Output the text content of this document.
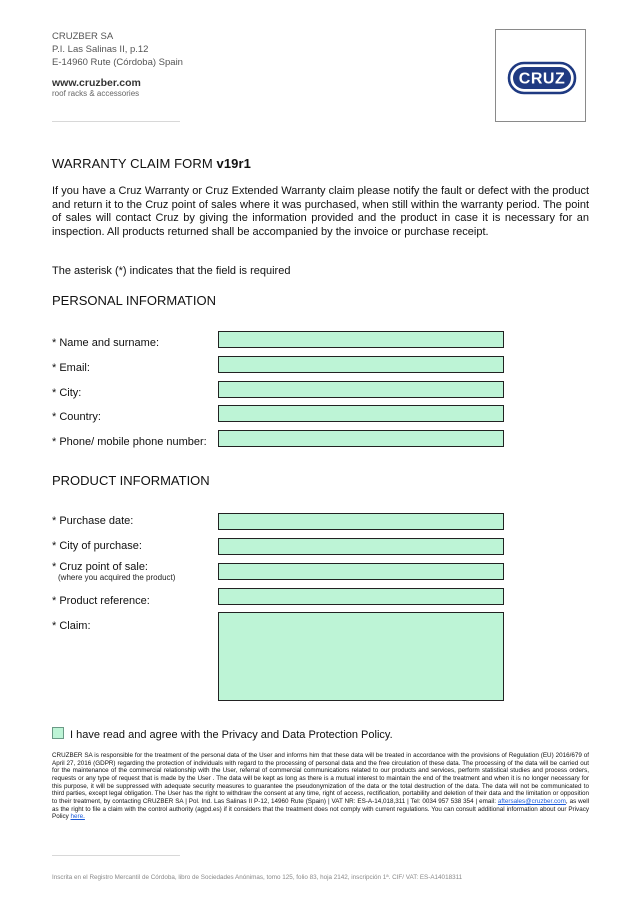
CRUZBER SA
P.I. Las Salinas II, p.12
E-14960 Rute (Córdoba) Spain
www.cruzber.com
roof racks & accessories
CRUZ
WARRANTY CLAIM FORM v19r1
If you have a Cruz Warranty or Cruz Extended Warranty claim please notify the fault or defect with the product and return it to the Cruz point of sales where it was purchased, when still within the warranty period. The point of sales will contact Cruz by giving the information provided and the product in case it is necessary for an inspection. All products returned shall be accompanied by the invoice or purchase receipt.
The asterisk (*) indicates that the field is required
PERSONAL INFORMATION
* Name and surname:
* Email:
* City:
* Country:
* Phone/ mobile phone number:
PRODUCT INFORMATION
* Purchase date:
* City of purchase:
* Cruz point of sale:
(where you acquired the product)
* Product reference:
* Claim:
I have read and agree with the Privacy and Data Protection Policy.
CRUZBER SA is responsible for the treatment of the personal data of the User and informs him that these data will be treated in accordance with the provisions of Regulation (EU) 2016/679 of April 27, 2016 (GDPR) regarding the protection of individuals with regard to the processing of personal data and the free circulation of these data. The processing of the data will be carried out for the maintenance of the commercial relationship with the User, referral of commercial communications related to our products and services, perform statistical studies and process orders, requests or any type of request that is made by the User . The data will be kept as long as there is a mutual interest to maintain the end of the treatment and when it is no longer necessary for this purpose, it will be suppressed with adequate security measures to guarantee the pseudonymization of the data or the total destruction of the data. The data will not be communicated to third parties, except legal obligation. The User has the right to withdraw the consent at any time, right of access, rectification, portability and deletion of their data and the limitation or opposition to their treatment, by contacting CRUZBER SA | Pol. Ind. Las Salinas II P-12, 14960 Rute (Spain) | VAT NR: ES-A-14,018,311 | Tel: 0034 957 538 354 | email: aftersales@cruzber.com, as well as the right to file a claim with the control authority (agpd.es) if it considers that the treatment does not comply with current regulations. You can consult additional information about our Privacy Policy here.
Inscrita en el Registro Mercantil de Córdoba, libro de Sociedades Anónimas, tomo 125, folio 83, hoja 2142, inscripción 1ª. CIF/ VAT: ES-A14018311
